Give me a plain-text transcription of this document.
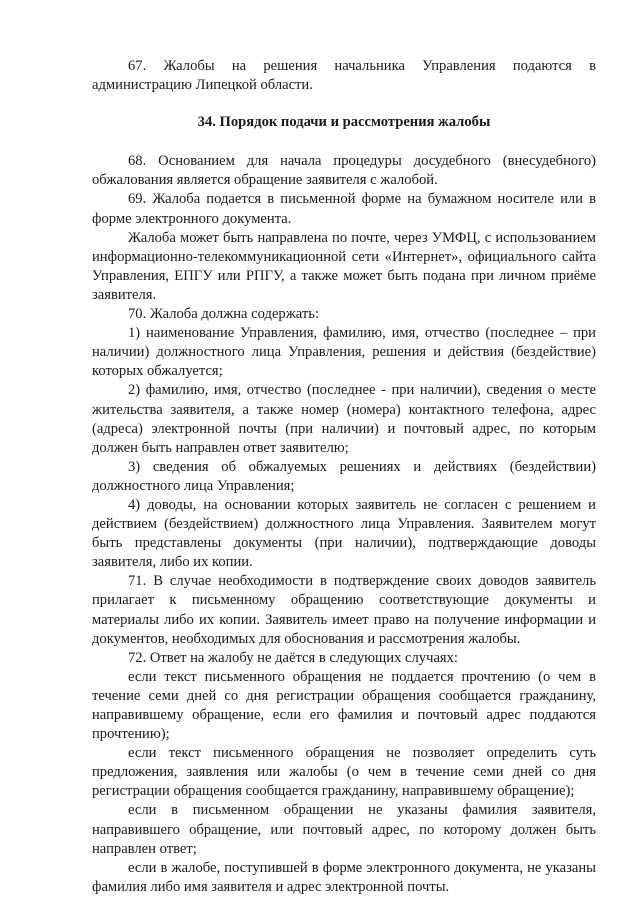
67. Жалобы на решения начальника Управления подаются в администрацию Липецкой области.

34. Порядок подачи и рассмотрения жалобы

68. Основанием для начала процедуры досудебного (внесудебного) обжалования является обращение заявителя с жалобой.

69. Жалоба подается в письменной форме на бумажном носителе или в форме электронного документа.

Жалоба может быть направлена по почте, через УМФЦ, с использованием информационно-телекоммуникационной сети «Интернет», официального сайта Управления, ЕПГУ или РПГУ, а также может быть подана при личном приёме заявителя.

70. Жалоба должна содержать:

1) наименование Управления, фамилию, имя, отчество (последнее – при наличии) должностного лица Управления, решения и действия (бездействие) которых обжалуется;

2) фамилию, имя, отчество (последнее - при наличии), сведения о месте жительства заявителя, а также номер (номера) контактного телефона, адрес (адреса) электронной почты (при наличии) и почтовый адрес, по которым должен быть направлен ответ заявителю;

3) сведения об обжалуемых решениях и действиях (бездействии) должностного лица Управления;

4) доводы, на основании которых заявитель не согласен с решением и действием (бездействием) должностного лица Управления. Заявителем могут быть представлены документы (при наличии), подтверждающие доводы заявителя, либо их копии.

71. В случае необходимости в подтверждение своих доводов заявитель прилагает к письменному обращению соответствующие документы и материалы либо их копии. Заявитель имеет право на получение информации и документов, необходимых для обоснования и рассмотрения жалобы.

72. Ответ на жалобу не даётся в следующих случаях:

если текст письменного обращения не поддается прочтению (о чем в течение семи дней со дня регистрации обращения сообщается гражданину, направившему обращение, если его фамилия и почтовый адрес поддаются прочтению);

если текст письменного обращения не позволяет определить суть предложения, заявления или жалобы (о чем в течение семи дней со дня регистрации обращения сообщается гражданину, направившему обращение);

если в письменном обращении не указаны фамилия заявителя, направившего обращение, или почтовый адрес, по которому должен быть направлен ответ;

если в жалобе, поступившей в форме электронного документа, не указаны фамилия либо имя заявителя и адрес электронной почты.
